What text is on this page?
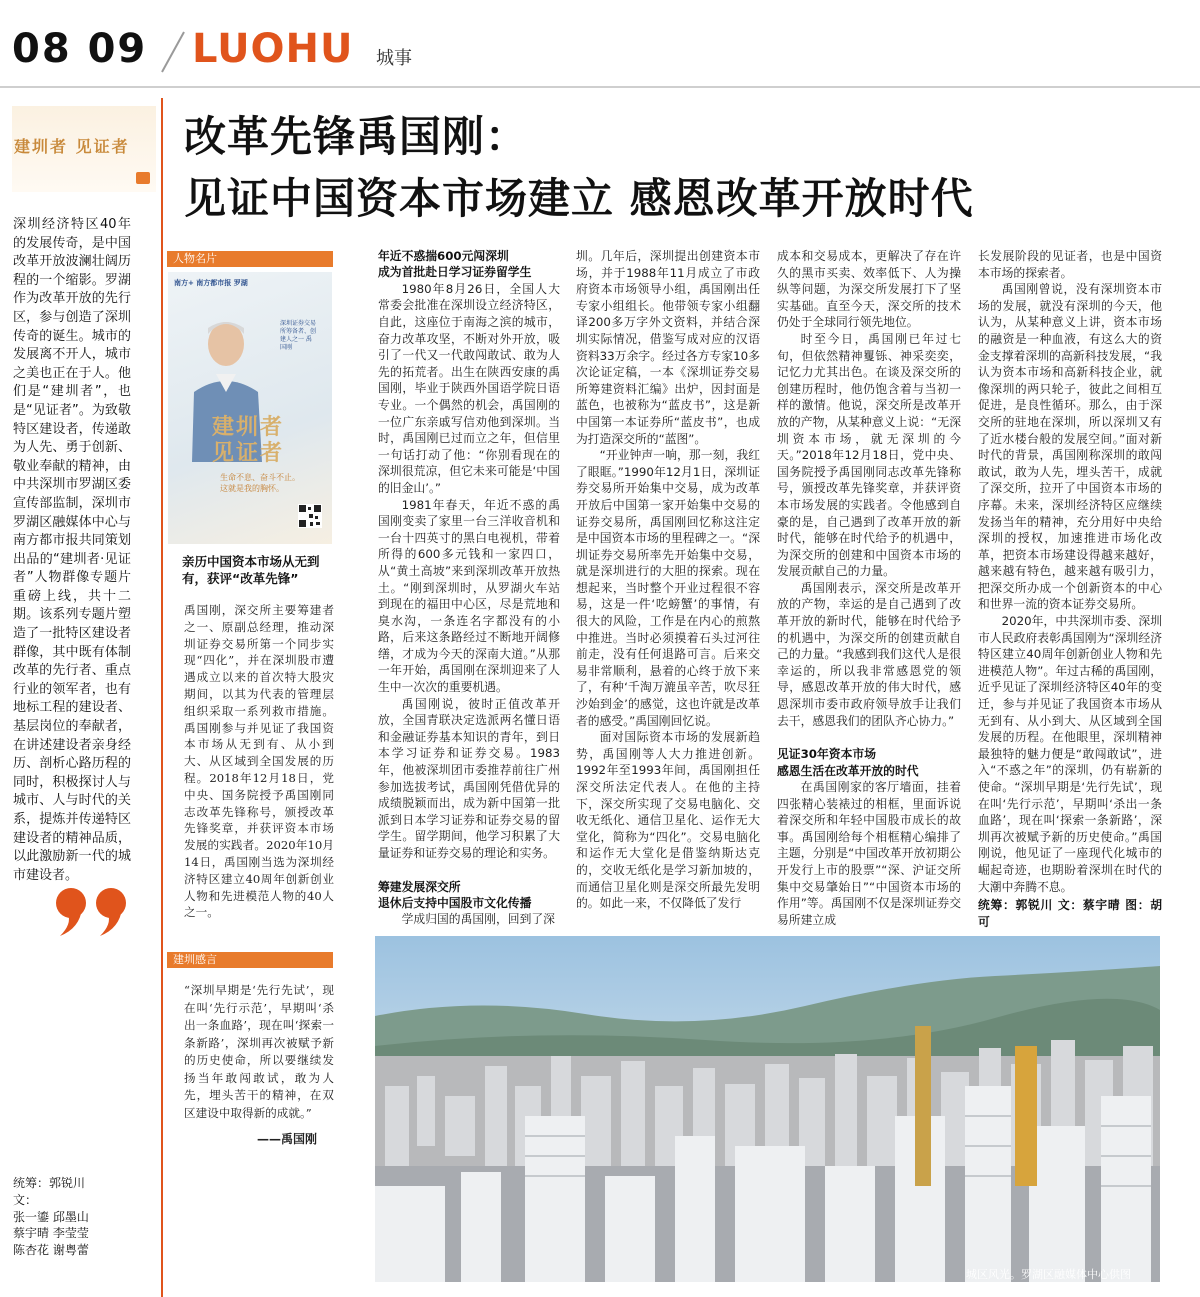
08 09 LUOHU 城事
建圳者 见证者
深圳经济特区40年的发展传奇，是中国改革开放波澜壮阔历程的一个缩影。罗湖作为改革开放的先行区，参与创造了深圳传奇的诞生。城市的发展离不开人，城市之美也正在于人。他们是“建圳者”，也是“见证者”。为致敬特区建设者，传递敢为人先、勇于创新、敬业奉献的精神，由中共深圳市罗湖区委宣传部监制，深圳市罗湖区融媒体中心与南方都市报共同策划出品的“建圳者·见证者”人物群像专题片重磅上线，共十二期。该系列专题片塑造了一批特区建设者群像，其中既有体制改革的先行者、重点行业的领军者，也有地标工程的建设者、基层岗位的奉献者，在讲述建设者亲身经历、剖析心路历程的同时，积极探讨人与城市、人与时代的关系，提炼并传递特区建设者的精神品质，以此激励新一代的城市建设者。
统筹：郭锐川
文：
张一鎏 邱墨山
蔡宇晴 李莹莹
陈杏花 谢粤蕾
改革先锋禹国刚：
见证中国资本市场建立 感恩改革开放时代
人物名片
南方+ 南方都市报 罗湖
深圳证券交易所筹备者、创建人之一 禹国刚
建圳者
见证者
生命不息、奋斗不止。
这就是我的胸怀。
亲历中国资本市场从无到有，获评“改革先锋”
禹国刚，深交所主要筹建者之一、原副总经理，推动深圳证券交易所第一个同步实现“四化”，并在深圳股市遭遇成立以来的首次特大股灾期间，以其为代表的管理层组织采取一系列救市措施。禹国刚参与并见证了我国资本市场从无到有、从小到大、从区域到全国发展的历程。2018年12月18日，党中央、国务院授予禹国刚同志改革先锋称号，颁授改革先锋奖章，并获评资本市场发展的实践者。2020年10月14日，禹国刚当选为深圳经济特区建立40周年创新创业人物和先进模范人物的40人之一。
建圳感言
“深圳早期是‘先行先试’，现在叫‘先行示范’，早期叫‘杀出一条血路’，现在叫‘探索一条新路’，深圳再次被赋予新的历史使命，所以要继续发扬当年敢闯敢试，敢为人先，埋头苦干的精神，在双区建设中取得新的成就。”
——禹国刚
年近不惑揣600元闯深圳
成为首批赴日学习证券留学生

1980年8月26日，全国人大常委会批准在深圳设立经济特区，自此，这座位于南海之滨的城市，奋力改革攻坚，不断对外开放，吸引了一代又一代敢闯敢试、敢为人先的拓荒者。出生在陕西安康的禹国刚，毕业于陕西外国语学院日语专业。一个偶然的机会，禹国刚的一位广东亲戚写信劝他到深圳。当时，禹国刚已过而立之年，但信里一句话打动了他：“你别看现在的深圳很荒凉，但它未来可能是‘中国的旧金山’。”

1981年春天，年近不惑的禹国刚变卖了家里一台三洋收音机和一台十四英寸的黑白电视机，带着所得的600多元钱和一家四口，从“黄土高坡”来到深圳改革开放热土。“刚到深圳时，从罗湖火车站到现在的福田中心区，尽是荒地和臭水沟，一条连名字都没有的小路，后来这条路经过不断地开阔修缮，才成为今天的深南大道。”从那一年开始，禹国刚在深圳迎来了人生中一次次的重要机遇。

禹国刚说，彼时正值改革开放，全国青联决定选派两名懂日语和金融证券基本知识的青年，到日本学习证券和证券交易。1983年，他被深圳团市委推荐前往广州参加选拔考试，禹国刚凭借优异的成绩脱颖而出，成为新中国第一批派到日本学习证券和证券交易的留学生。留学期间，他学习积累了大量证券和证券交易的理论和实务。

筹建发展深交所
退休后支持中国股市文化传播

学成归国的禹国刚，回到了深

圳。几年后，深圳提出创建资本市场，并于1988年11月成立了市政府资本市场领导小组，禹国刚出任专家小组组长。他带领专家小组翻译200多万字外文资料，并结合深圳实际情况，借鉴写成对应的汉语资料33万余字。经过各方专家10多次论证定稿，一本《深圳证券交易所筹建资料汇编》出炉，因封面是蓝色，也被称为“蓝皮书”，这是新中国第一本证券所“蓝皮书”，也成为打造深交所的“蓝图”。

“开业钟声一响，那一刻，我红了眼眶。”1990年12月1日，深圳证券交易所开始集中交易，成为改革开放后中国第一家开始集中交易的证券交易所，禹国刚回忆称这注定是中国资本市场的里程碑之一。“深圳证券交易所率先开始集中交易，就是深圳进行的大胆的探索。现在想起来，当时整个开业过程很不容易，这是一件‘吃螃蟹’的事情，有很大的风险，工作是在内心的煎熬中推进。当时必须摸着石头过河往前走，没有任何退路可言。后来交易非常顺利，悬着的心终于放下来了，有种‘千淘万漉虽辛苦，吹尽狂沙始到金’的感觉，这也许就是改革者的感受。”禹国刚回忆说。

面对国际资本市场的发展新趋势，禹国刚等人大力推进创新。1992年至1993年间，禹国刚担任深交所法定代表人。在他的主持下，深交所实现了交易电脑化、交收无纸化、通信卫星化、运作无大堂化，简称为“四化”。交易电脑化和运作无大堂化是借鉴纳斯达克的，交收无纸化是学习新加坡的，而通信卫星化则是深交所最先发明的。如此一来，不仅降低了发行

成本和交易成本，更解决了存在许久的黑市买卖、效率低下、人为操纵等问题，为深交所发展打下了坚实基础。直至今天，深交所的技术仍处于全球同行领先地位。

时至今日，禹国刚已年过七旬，但依然精神矍铄、神采奕奕，记忆力尤其出色。在谈及深交所的创建历程时，他仍饱含着与当初一样的激情。他说，深交所是改革开放的产物，从某种意义上说：“无深圳资本市场，就无深圳的今天。”2018年12月18日，党中央、国务院授予禹国刚同志改革先锋称号，颁授改革先锋奖章，并获评资本市场发展的实践者。令他感到自豪的是，自己遇到了改革开放的新时代，能够在时代给予的机遇中，为深交所的创建和中国资本市场的发展贡献自己的力量。

禹国刚表示，深交所是改革开放的产物，幸运的是自己遇到了改革开放的新时代，能够在时代给予的机遇中，为深交所的创建贡献自己的力量。“我感到我们这代人是很幸运的，所以我非常感恩党的领导，感恩改革开放的伟大时代，感恩深圳市委市政府领导放手让我们去干，感恩我们的团队齐心协力。”

见证30年资本市场
感恩生活在改革开放的时代

在禹国刚家的客厅墙面，挂着四张精心装裱过的相框，里面诉说着深交所和年轻中国股市成长的故事。禹国刚给每个相框精心编排了主题，分别是“中国改革开放初期公开发行上市的股票”“深、沪证交所集中交易肇始日”“中国资本市场的作用”等。禹国刚不仅是深圳证券交易所建立成

长发展阶段的见证者，也是中国资本市场的探索者。

禹国刚曾说，没有深圳资本市场的发展，就没有深圳的今天，他认为，从某种意义上讲，资本市场的融资是一种血液，有这么大的资金支撑着深圳的高新科技发展，“我认为资本市场和高新科技企业，就像深圳的两只轮子，彼此之间相互促进，是良性循环。那么，由于深交所的驻地在深圳，所以深圳又有了近水楼台般的发展空间。”面对新时代的背景，禹国刚称深圳的敢闯敢试，敢为人先，埋头苦干，成就了深交所，拉开了中国资本市场的序幕。未来，深圳经济特区应继续发扬当年的精神，充分用好中央给深圳的授权，加速推进市场化改革，把资本市场建设得越来越好，越来越有特色，越来越有吸引力，把深交所办成一个创新资本的中心和世界一流的资本证券交易所。

2020年，中共深圳市委、深圳市人民政府表彰禹国刚为“深圳经济特区建立40周年创新创业人物和先进模范人物”。年过古稀的禹国刚，近乎见证了深圳经济特区40年的变迁，参与并见证了我国资本市场从无到有、从小到大、从区域到全国发展的历程。在他眼里，深圳精神最独特的魅力便是“敢闯敢试”，进入“不惑之年”的深圳，仍有崭新的使命。“深圳早期是‘先行先试’，现在叫‘先行示范’，早期叫‘杀出一条血路’，现在叫‘探索一条新路’，深圳再次被赋予新的历史使命。”禹国刚说，他见证了一座现代化城市的崛起奇迹，也期盼着深圳在时代的大潮中奔腾不息。

统筹：郭锐川 文：蔡宇晴 图：胡可
城区风光。罗湖区融媒体中心供图
